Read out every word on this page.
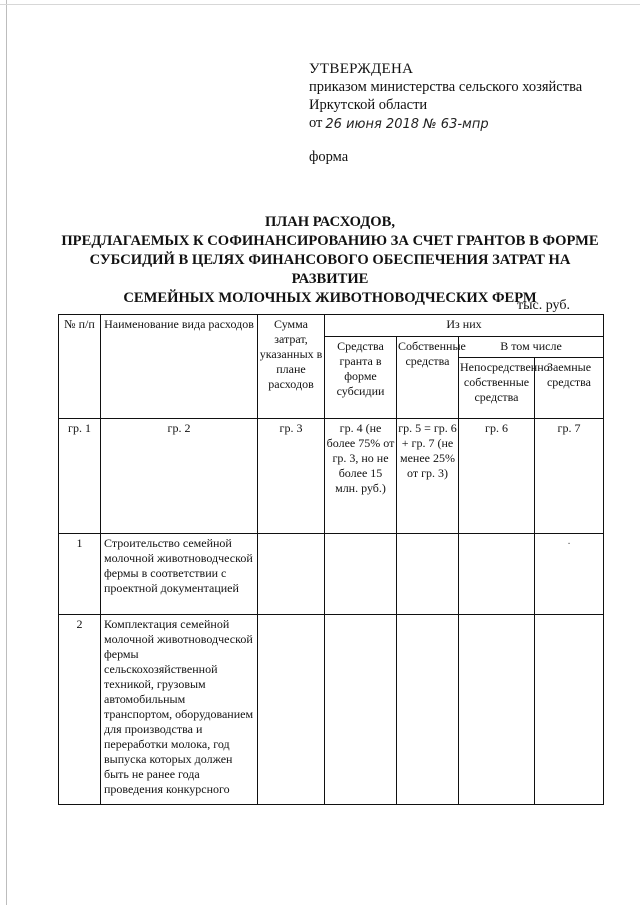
УТВЕРЖДЕНА
приказом министерства сельского хозяйства
Иркутской области
от 26 июня 2018 № 63-мпр
форма
ПЛАН РАСХОДОВ,
ПРЕДЛАГАЕМЫХ К СОФИНАНСИРОВАНИЮ ЗА СЧЕТ ГРАНТОВ В ФОРМЕ
СУБСИДИЙ В ЦЕЛЯХ ФИНАНСОВОГО ОБЕСПЕЧЕНИЯ ЗАТРАТ НА РАЗВИТИЕ
СЕМЕЙНЫХ МОЛОЧНЫХ ЖИВОТНОВОДЧЕСКИХ ФЕРМ
тыс. руб.
№ п/п	Наименование вида расходов	Сумма затрат, указанных в плане расходов	Из них			
			Средства гранта в форме субсидии	Собственные средства	В том числе	
					Непосредственно собственные средства	Заемные средства
гр. 1	гр. 2	гр. 3	гр. 4 (не более 75% от гр. 3, но не более 15 млн. руб.)	гр. 5 = гр. 6 + гр. 7 (не менее 25% от гр. 3)	гр. 6	гр. 7
1	Строительство семейной молочной животноводческой фермы в соответствии с проектной документацией					·
2	Комплектация семейной молочной животноводческой фермы сельскохозяйственной техникой, грузовым автомобильным транспортом, оборудованием для производства и переработки молока, год выпуска которых должен быть не ранее года проведения конкурсного					
